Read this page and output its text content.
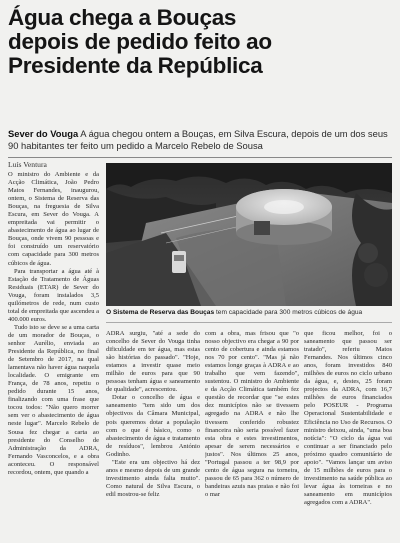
Água chega a Bouças
depois de pedido feito ao
Presidente da República

Sever do Vouga A água chegou ontem a Bouças, em Silva Escura, depois de um dos seus 90 habitantes ter feito um pedido a Marcelo Rebelo de Sousa

Luís Ventura

O ministro do Ambiente e da Acção Climática, João Pedro Matos Fernandes, inaugurou, ontem, o Sistema de Reserva das Bouças, na freguesia de Silva Escura, em Sever do Vouga. A empreitada vai permitir o abastecimento de água ao lugar de Bouças, onde vivem 90 pessoas e foi construído um reservatório com capacidade para 300 metros cúbicos de água.

Para transportar a água até à Estação de Tratamento de Águas Residuais (ETAR) de Sever do Vouga, foram instalados 3,5 quilómetros de rede, num custo total de empreitada que ascendeu a 400.000 euros.

Tudo isto se deve se a uma carta de um morador de Bouças, o senhor Aurélio, enviada ao Presidente da República, no final de Setembro de 2017, na qual lamentava não haver água naquela localidade. O emigrante em França, de 78 anos, repetiu o pedido durante 15 anos, finalizando com uma frase que tocou todos: "Não quero morrer sem ver o abastecimento de água neste lugar". Marcelo Rebelo de Sousa fez chegar a carta ao presidente do Conselho de Administração da ADRA, Fernando Vasconcelos, e a obra aconteceu. O responsável recordou, ontem, que quando a

O Sistema de Reserva das Bouças tem capacidade para 300 metros cúbicos de água

ADRA surgiu, "até a sede do concelho de Sever do Vouga tinha dificuldade em ter água, mas estas são histórias do passado". "Hoje, estamos a investir quase meio milhão de euros para que 90 pessoas tenham água e saneamento de qualidade", acrescentou.

Dotar o concelho de água e saneamento "tem sido um dos objectivos da Câmara Municipal, pois queremos dotar a população com o que é básico, como o abastecimento de água e tratamento de resíduos", lembrou António Godinho.

"Este era um objectivo há dez anos e mesmo depois de um grande investimento ainda falta muito". Como natural de Silva Escura, o edil mostrou-se feliz

com a obra, mas frisou que "o nosso objectivo era chegar a 90 por cento de cobertura e ainda estamos nos 70 por cento". "Mas já não estamos longe graças à ADRA e ao trabalho que vem fazendo", sustentou. O ministro do Ambiente e da Acção Climática também fez questão de recordar que "se estes dez municípios não se tivessem agregado na ADRA e não lhe tivessem conferido robustez financeira não seria possível fazer esta obra e estes investimentos, apesar de serem necessários e justos". Nos últimos 25 anos, "Portugal passou a ter 98,9 por cento de água segura na torneira, passou de 65 para 362 o número de bandeiras azuis nas praias e não foi o mar

que ficou melhor, foi o saneamento que passou ser tratado", referiu Matos Fernandes. Nos últimos cinco anos, foram investidos 840 milhões de euros no ciclo urbano da água, e, destes, 25 foram projectos da ADRA, com 16,7 milhões de euros financiados pelo POSEUR - Programa Operacional Sustentabilidade e Eficiência no Uso de Recursos. O ministro deixou, ainda, "uma boa notícia": "O ciclo da água vai continuar a ser financiado pelo próximo quadro comunitário de apoio". "Vamos lançar um aviso de 15 milhões de euros para o investimento na saúde pública ao levar água às torneiras e no saneamento em municípios agregados com a ADRA".
